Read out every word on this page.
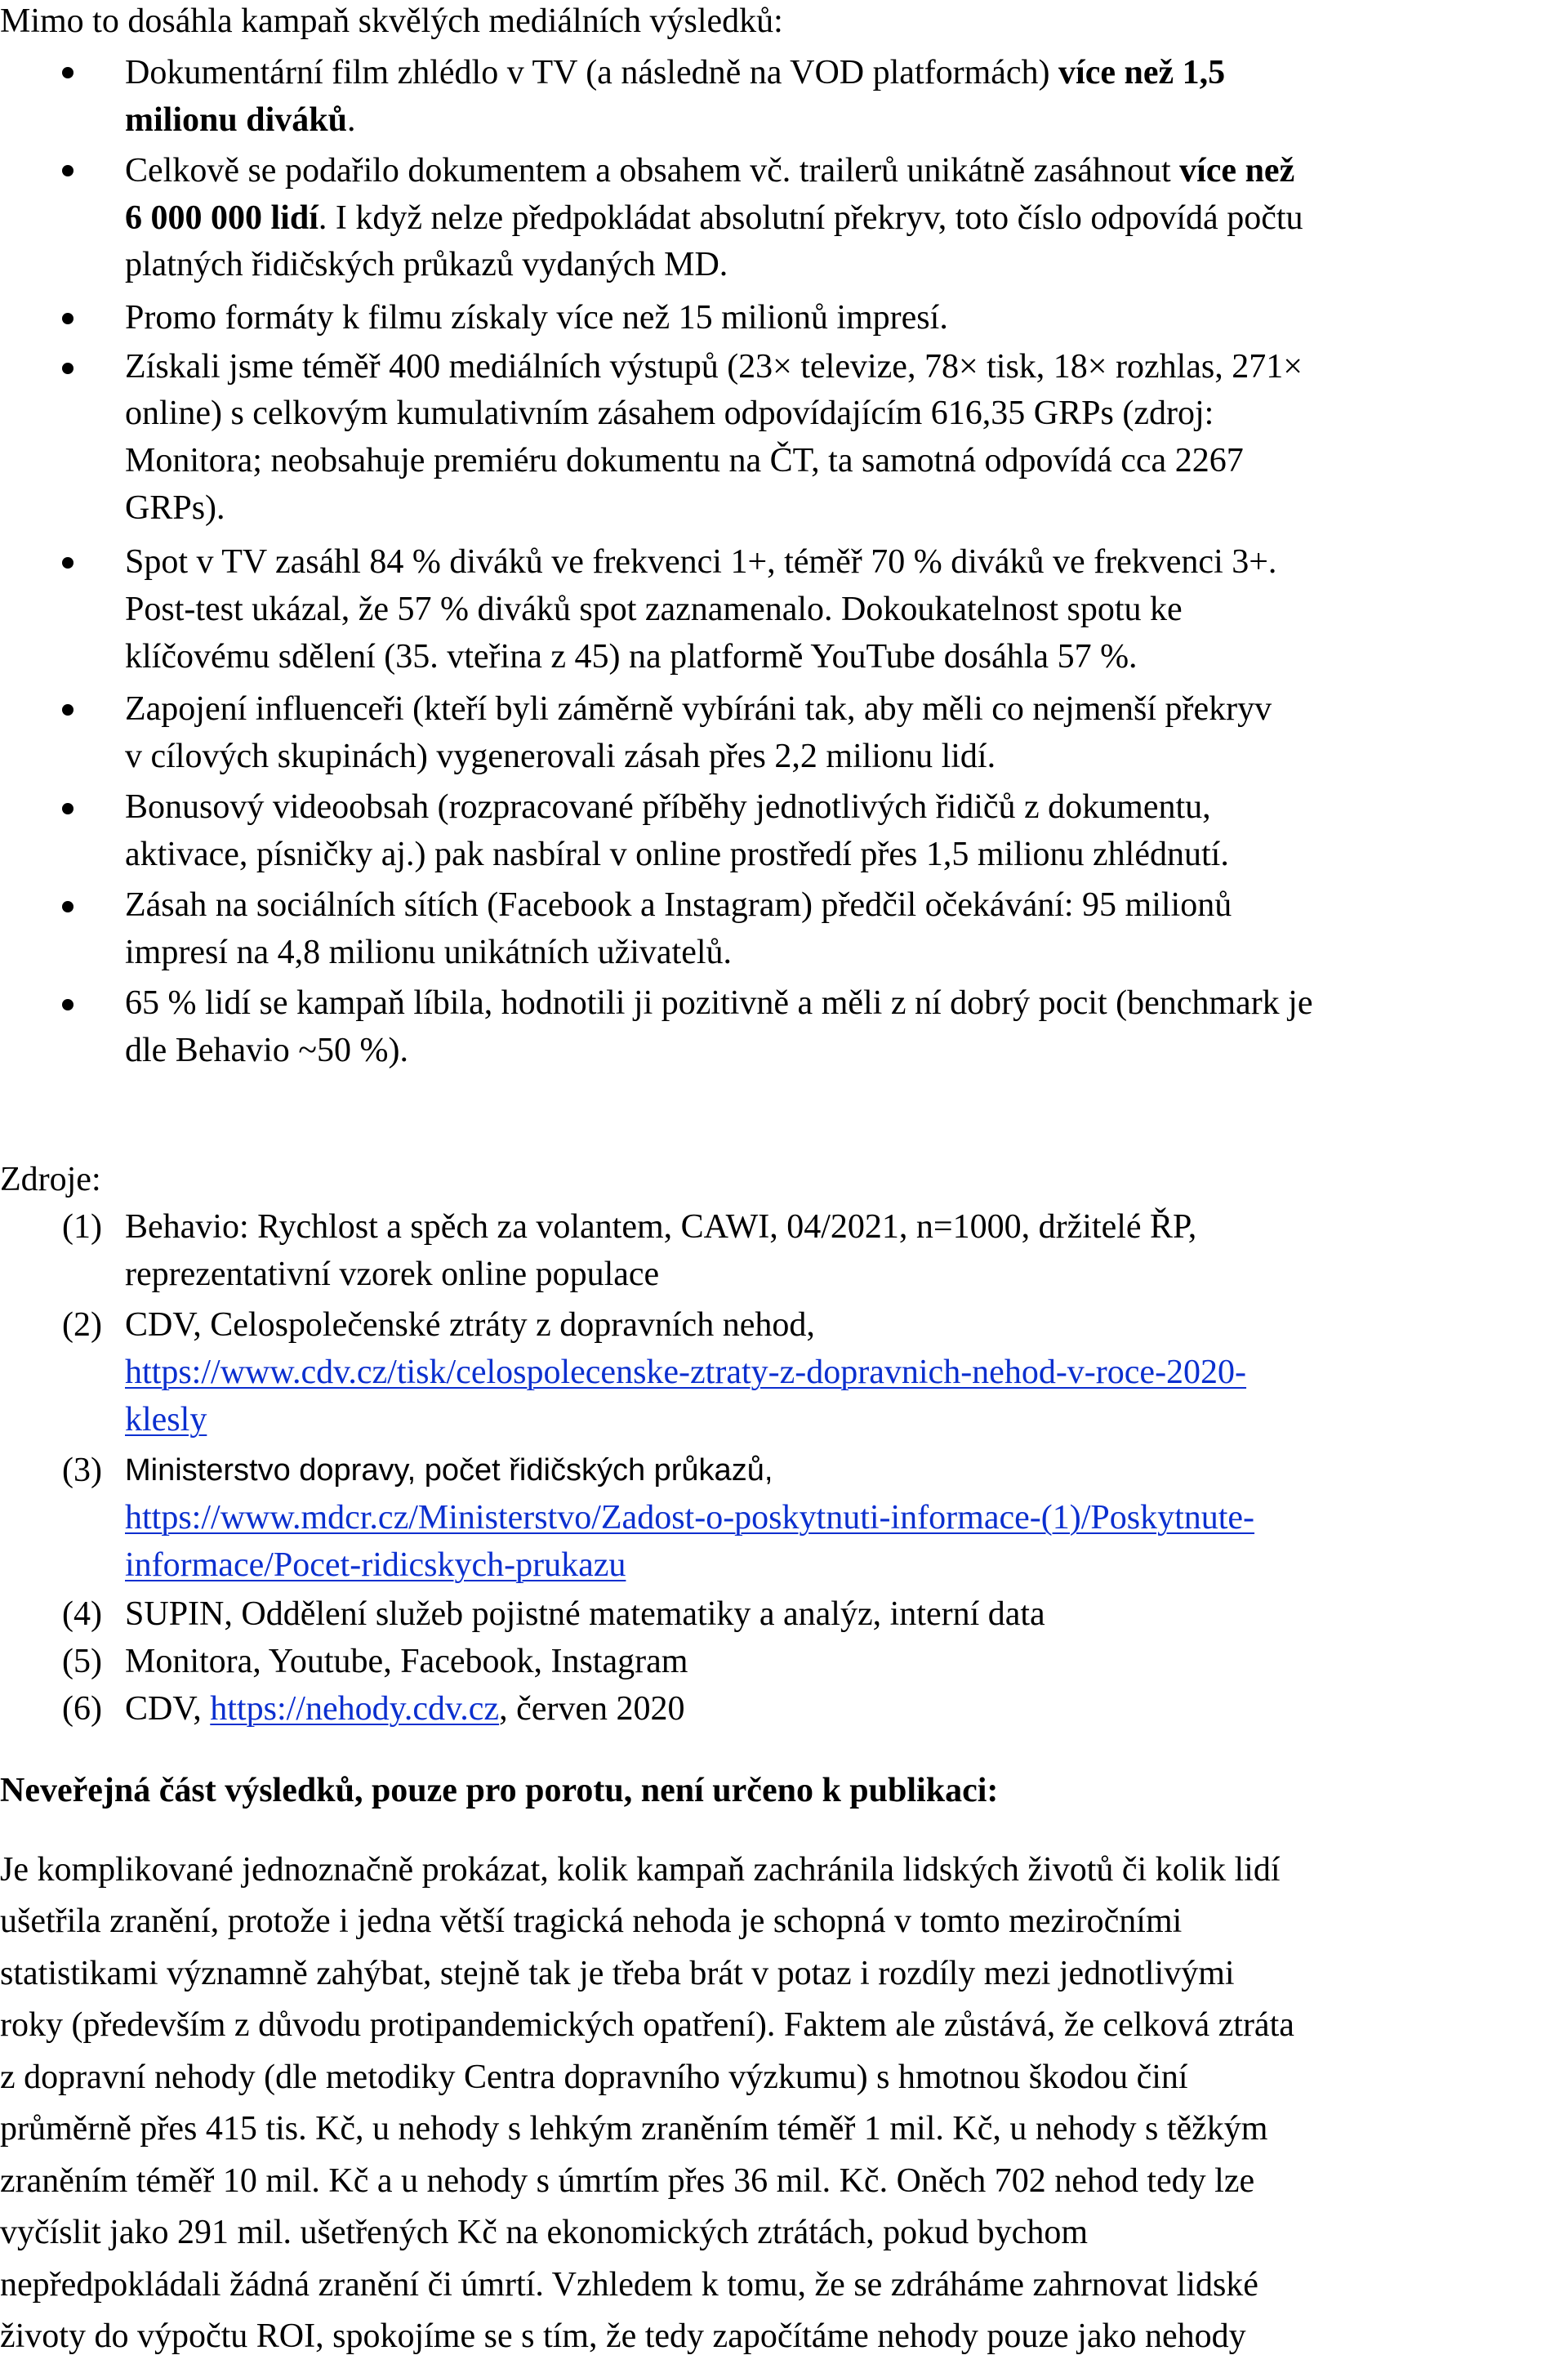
Mimo to dosáhla kampaň skvělých mediálních výsledků:
Dokumentární film zhlédlo v TV (a následně na VOD platformách) více než 1,5
milionu diváků.
Celkově se podařilo dokumentem a obsahem vč. trailerů unikátně zasáhnout více než
6 000 000 lidí. I když nelze předpokládat absolutní překryv, toto číslo odpovídá počtu
platných řidičských průkazů vydaných MD.
Promo formáty k filmu získaly více než 15 milionů impresí.
Získali jsme téměř 400 mediálních výstupů (23× televize, 78× tisk, 18× rozhlas, 271×
online) s celkovým kumulativním zásahem odpovídajícím 616,35 GRPs (zdroj:
Monitora; neobsahuje premiéru dokumentu na ČT, ta samotná odpovídá cca 2267
GRPs).
Spot v TV zasáhl 84 % diváků ve frekvenci 1+, téměř 70 % diváků ve frekvenci 3+.
Post-test ukázal, že 57 % diváků spot zaznamenalo. Dokoukatelnost spotu ke
klíčovému sdělení (35. vteřina z 45) na platformě YouTube dosáhla 57 %.
Zapojení influenceři (kteří byli záměrně vybíráni tak, aby měli co nejmenší překryv
v cílových skupinách) vygenerovali zásah přes 2,2 milionu lidí.
Bonusový videoobsah (rozpracované příběhy jednotlivých řidičů z dokumentu,
aktivace, písničky aj.) pak nasbíral v online prostředí přes 1,5 milionu zhlédnutí.
Zásah na sociálních sítích (Facebook a Instagram) předčil očekávání: 95 milionů
impresí na 4,8 milionu unikátních uživatelů.
65 % lidí se kampaň líbila, hodnotili ji pozitivně a měli z ní dobrý pocit (benchmark je
dle Behavio ~50 %).
Zdroje:
(1) Behavio: Rychlost a spěch za volantem, CAWI, 04/2021, n=1000, držitelé ŘP,
reprezentativní vzorek online populace
(2) CDV, Celospolečenské ztráty z dopravních nehod,
https://www.cdv.cz/tisk/celospolecenske-ztraty-z-dopravnich-nehod-v-roce-2020-
klesly
(3) Ministerstvo dopravy, počet řidičských průkazů,
https://www.mdcr.cz/Ministerstvo/Zadost-o-poskytnuti-informace-(1)/Poskytnute-
informace/Pocet-ridicskych-prukazu
(4) SUPIN, Oddělení služeb pojistné matematiky a analýz, interní data
(5) Monitora, Youtube, Facebook, Instagram
(6) CDV, https://nehody.cdv.cz, červen 2020
Neveřejná část výsledků, pouze pro porotu, není určeno k publikaci:
Je komplikované jednoznačně prokázat, kolik kampaň zachránila lidských životů či kolik lidí
ušetřila zranění, protože i jedna větší tragická nehoda je schopná v tomto meziročními
statistikami významně zahýbat, stejně tak je třeba brát v potaz i rozdíly mezi jednotlivými
roky (především z důvodu protipandemických opatření). Faktem ale zůstává, že celková ztráta
z dopravní nehody (dle metodiky Centra dopravního výzkumu) s hmotnou škodou činí
průměrně přes 415 tis. Kč, u nehody s lehkým zraněním téměř 1 mil. Kč, u nehody s těžkým
zraněním téměř 10 mil. Kč a u nehody s úmrtím přes 36 mil. Kč. Oněch 702 nehod tedy lze
vyčíslit jako 291 mil. ušetřených Kč na ekonomických ztrátách, pokud bychom
nepředpokládali žádná zranění či úmrtí. Vzhledem k tomu, že se zdráháme zahrnovat lidské
životy do výpočtu ROI, spokojíme se s tím, že tedy započítáme nehody pouze jako nehody
